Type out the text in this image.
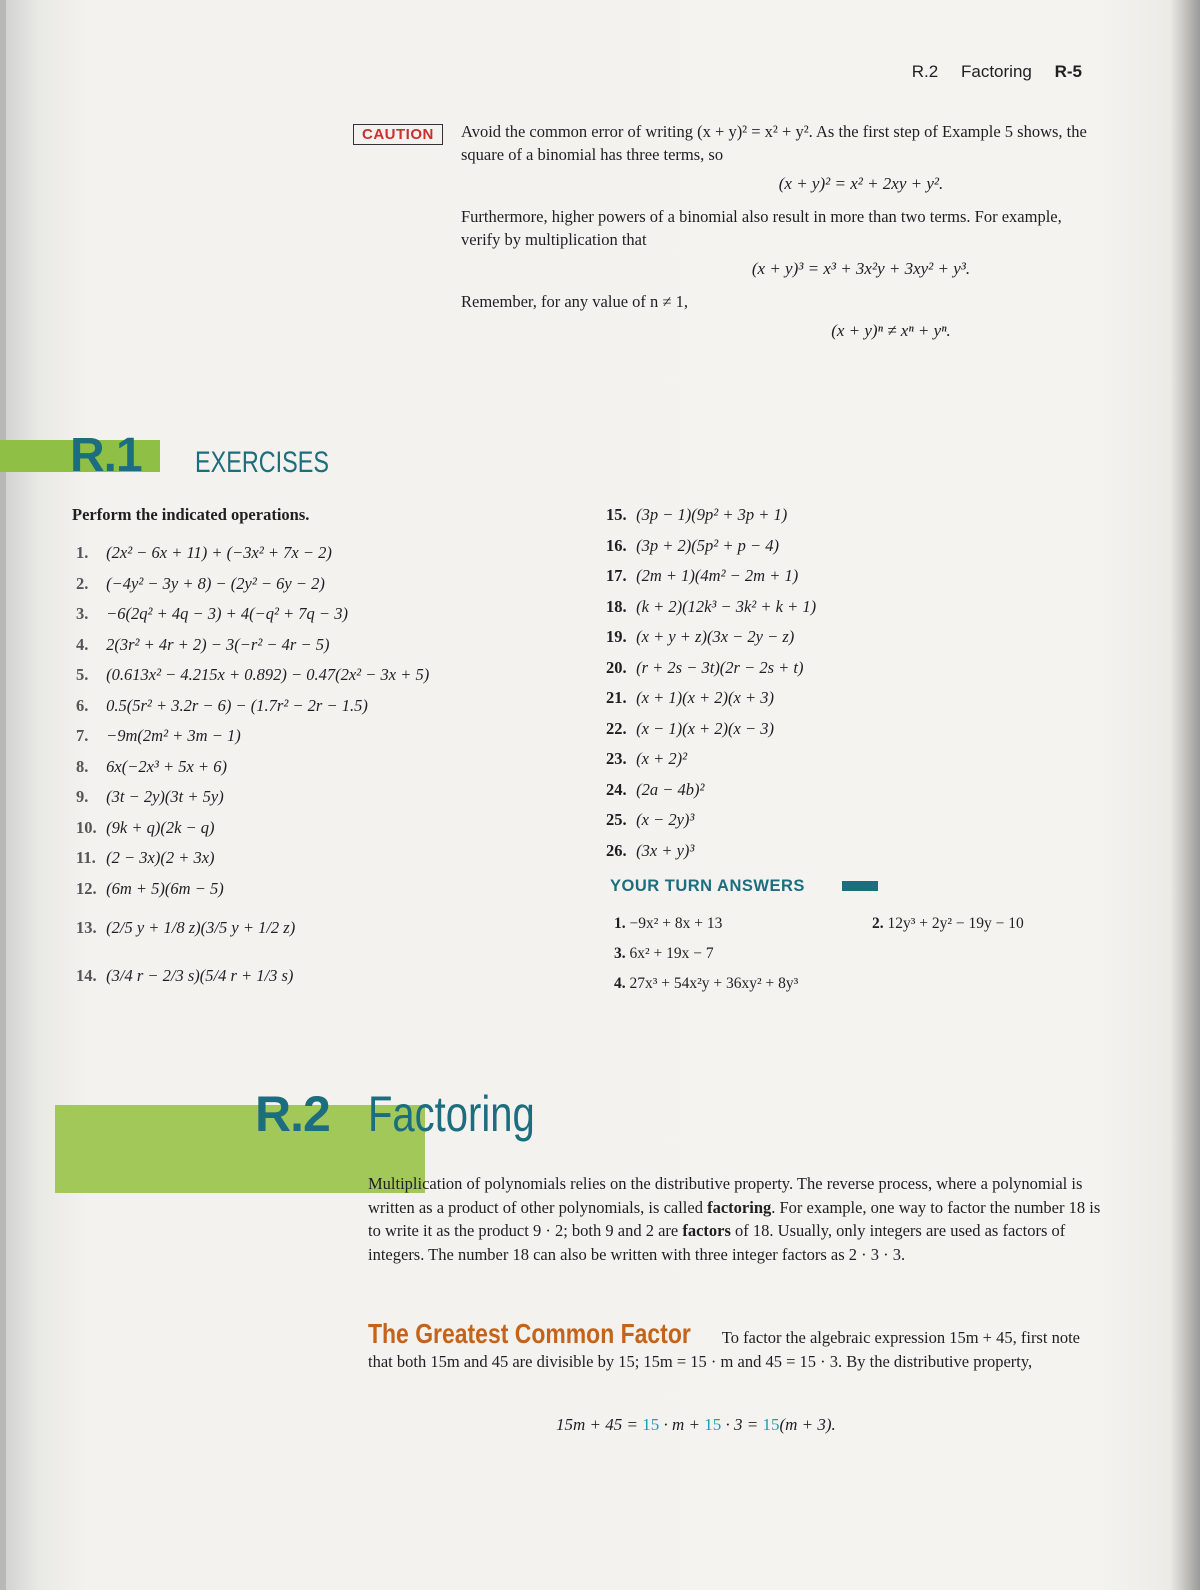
R.2 Factoring R-5
CAUTION	Avoid the common error of writing (x + y)² = x² + y². As the first step of Example 5 shows, the square of a binomial has three terms, so

(x + y)² = x² + 2xy + y².

Furthermore, higher powers of a binomial also result in more than two terms. For example, verify by multiplication that

(x + y)³ = x³ + 3x²y + 3xy² + y³.

Remember, for any value of n ≠ 1,

(x + y)ⁿ ≠ xⁿ + yⁿ.
R.1 EXERCISES
Perform the indicated operations.
1. (2x² − 6x + 11) + (−3x² + 7x − 2)
2. (−4y² − 3y + 8) − (2y² − 6y − 2)
3. −6(2q² + 4q − 3) + 4(−q² + 7q − 3)
4. 2(3r² + 4r + 2) − 3(−r² − 4r − 5)
5. (0.613x² − 4.215x + 0.892) − 0.47(2x² − 3x + 5)
6. 0.5(5r² + 3.2r − 6) − (1.7r² − 2r − 1.5)
7. −9m(2m² + 3m − 1)
8. 6x(−2x³ + 5x + 6)
9. (3t − 2y)(3t + 5y)
10. (9k + q)(2k − q)
11. (2 − 3x)(2 + 3x)
12. (6m + 5)(6m − 5)
13. (2/5 y + 1/8 z)(3/5 y + 1/2 z)
14. (3/4 r − 2/3 s)(5/4 r + 1/3 s)
15. (3p − 1)(9p² + 3p + 1)
16. (3p + 2)(5p² + p − 4)
17. (2m + 1)(4m² − 2m + 1)
18. (k + 2)(12k³ − 3k² + k + 1)
19. (x + y + z)(3x − 2y − z)
20. (r + 2s − 3t)(2r − 2s + t)
21. (x + 1)(x + 2)(x + 3)
22. (x − 1)(x + 2)(x − 3)
23. (x + 2)²
24. (2a − 4b)²
25. (x − 2y)³
26. (3x + y)³
YOUR TURN ANSWERS
1. −9x² + 8x + 13	2. 12y³ + 2y² − 19y − 10
3. 6x² + 19x − 7
4. 27x³ + 54x²y + 36xy² + 8y³
R.2 Factoring
Multiplication of polynomials relies on the distributive property. The reverse process, where a polynomial is written as a product of other polynomials, is called factoring. For example, one way to factor the number 18 is to write it as the product 9 · 2; both 9 and 2 are factors of 18. Usually, only integers are used as factors of integers. The number 18 can also be written with three integer factors as 2 · 3 · 3.
The Greatest Common Factor To factor the algebraic expression 15m + 45, first note that both 15m and 45 are divisible by 15; 15m = 15 · m and 45 = 15 · 3. By the distributive property,
15m + 45 = 15 · m + 15 · 3 = 15(m + 3).
